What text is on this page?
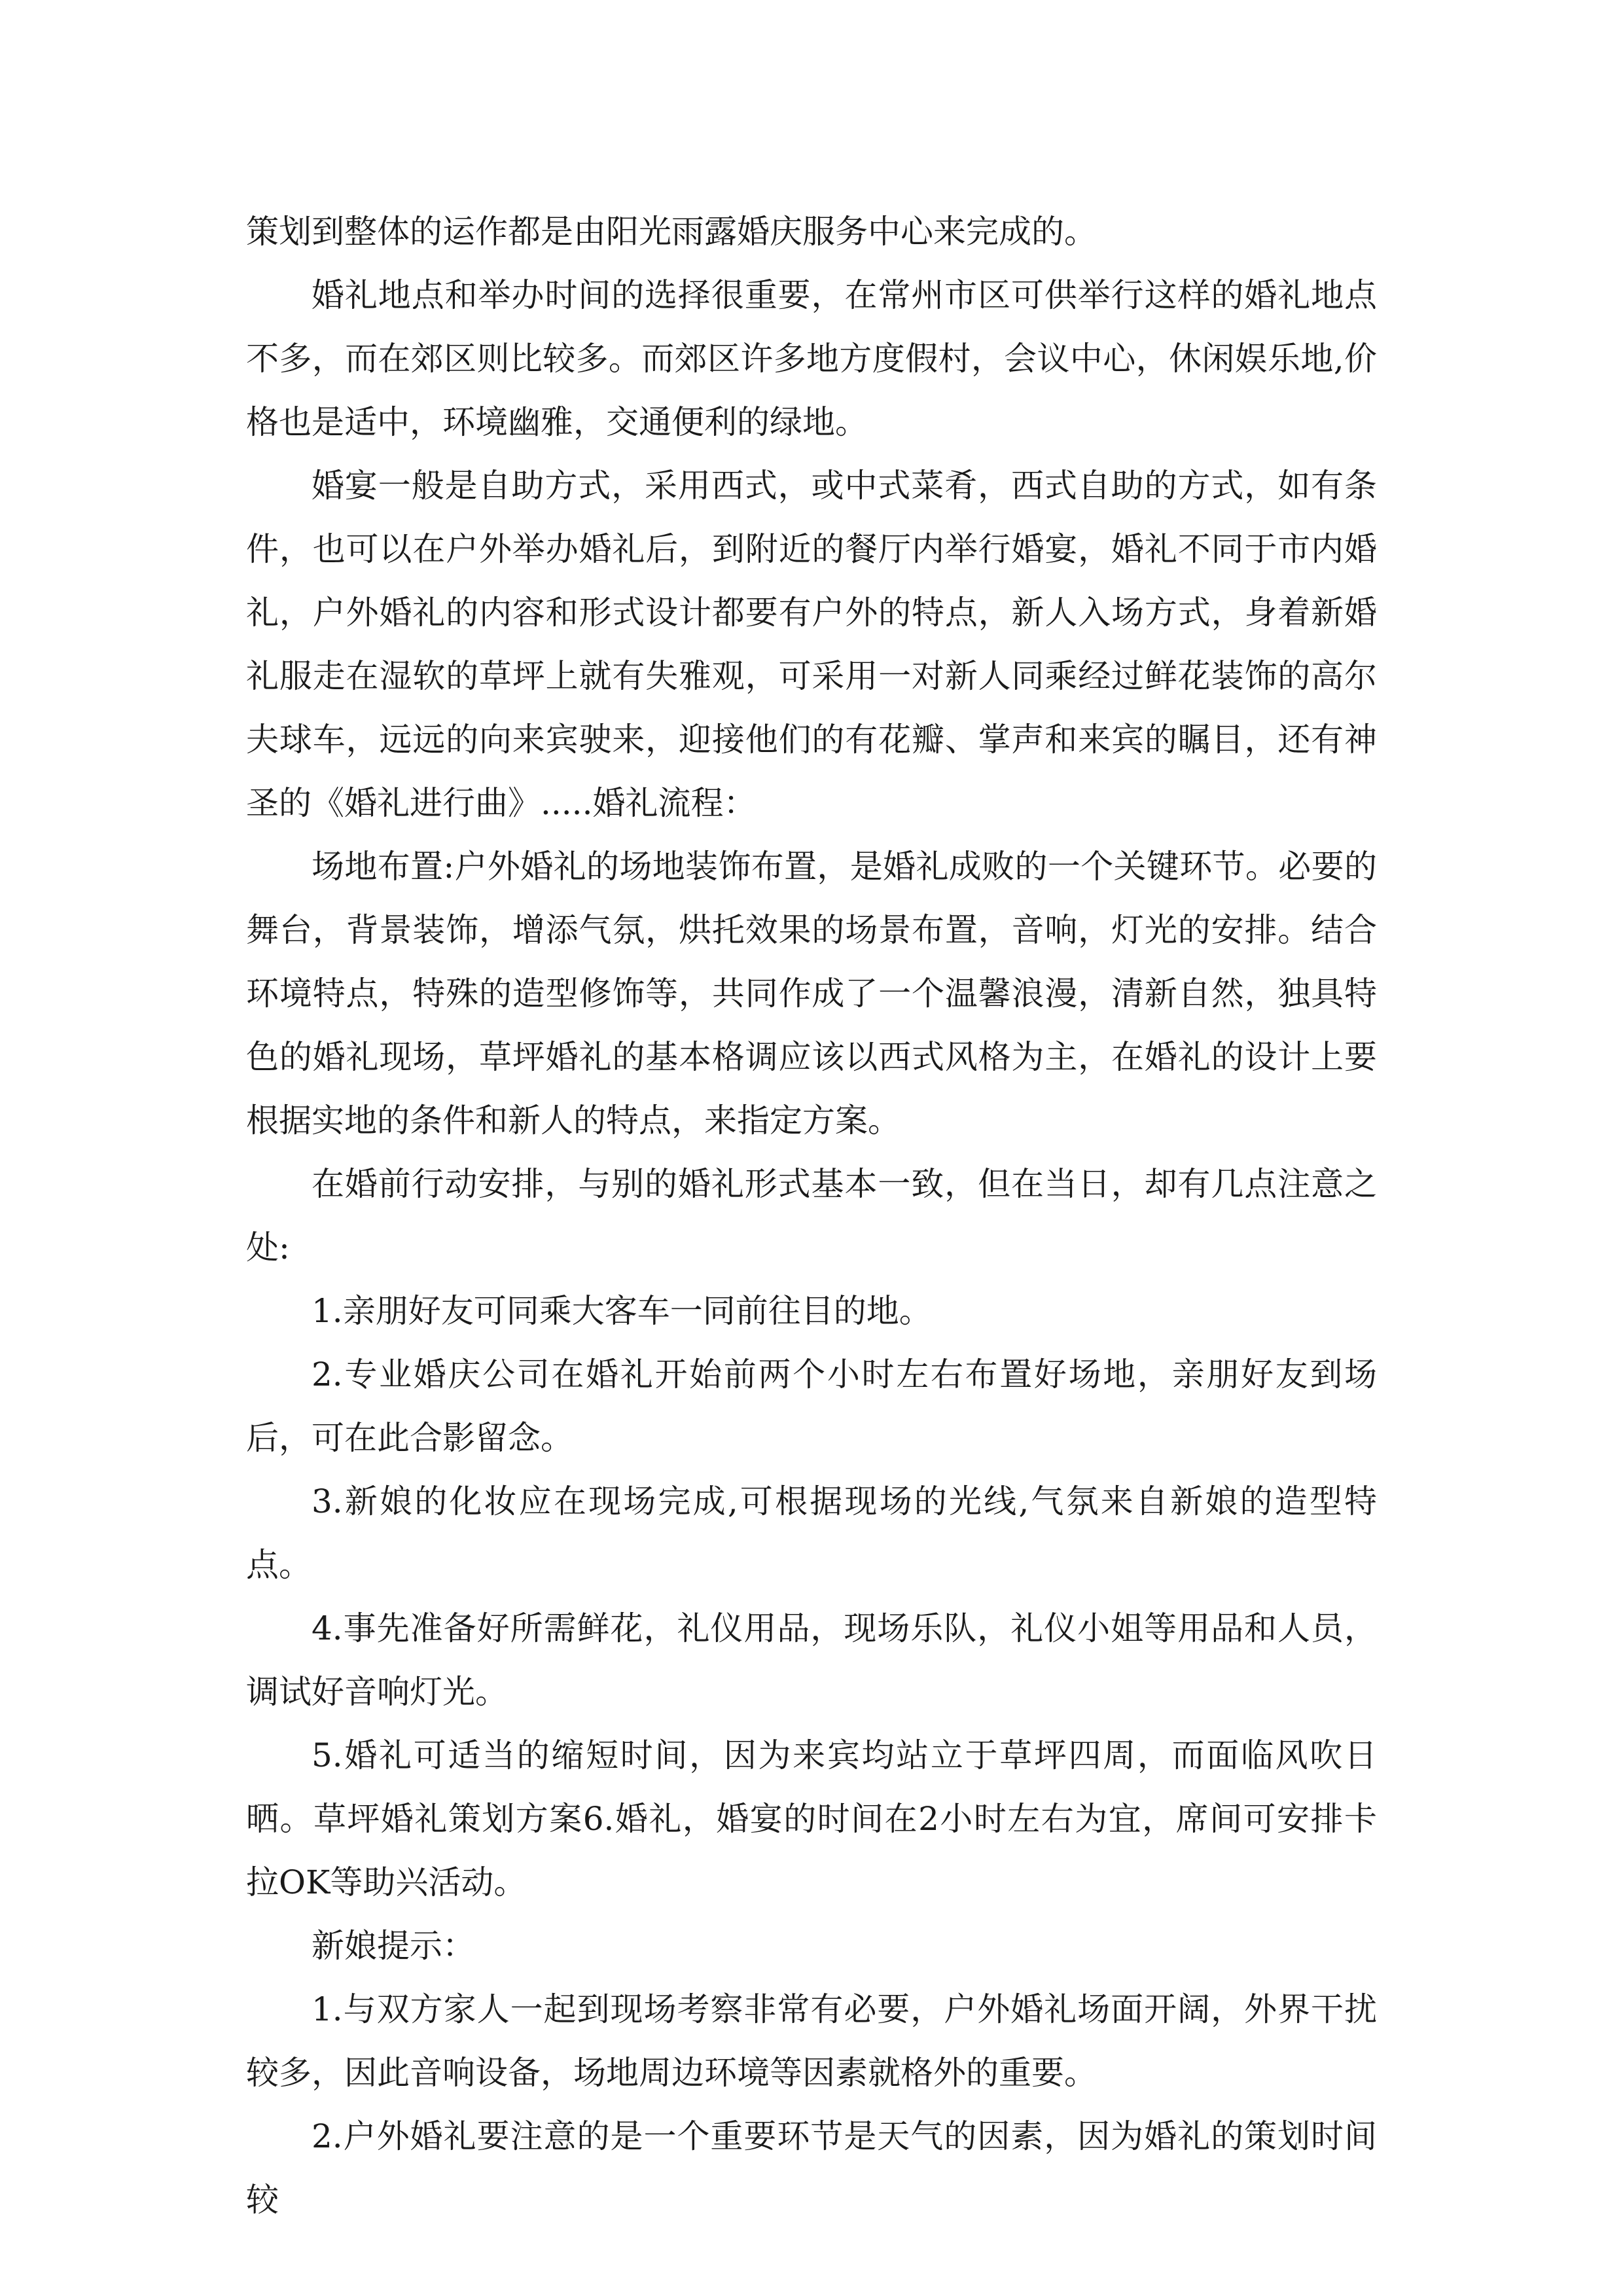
策划到整体的运作都是由阳光雨露婚庆服务中心来完成的。

婚礼地点和举办时间的选择很重要，在常州市区可供举行这样的婚礼地点不多，而在郊区则比较多。而郊区许多地方度假村，会议中心，休闲娱乐地,价格也是适中，环境幽雅，交通便利的绿地。

婚宴一般是自助方式，采用西式，或中式菜肴，西式自助的方式，如有条件，也可以在户外举办婚礼后，到附近的餐厅内举行婚宴，婚礼不同于市内婚礼，户外婚礼的内容和形式设计都要有户外的特点，新人入场方式，身着新婚礼服走在湿软的草坪上就有失雅观，可采用一对新人同乘经过鲜花装饰的高尔夫球车，远远的向来宾驶来，迎接他们的有花瓣、掌声和来宾的瞩目，还有神圣的《婚礼进行曲》.....婚礼流程：

场地布置:户外婚礼的场地装饰布置，是婚礼成败的一个关键环节。必要的舞台，背景装饰，增添气氛，烘托效果的场景布置，音响，灯光的安排。结合环境特点，特殊的造型修饰等，共同作成了一个温馨浪漫，清新自然，独具特色的婚礼现场，草坪婚礼的基本格调应该以西式风格为主，在婚礼的设计上要根据实地的条件和新人的特点，来指定方案。

在婚前行动安排，与别的婚礼形式基本一致，但在当日，却有几点注意之处:

1.亲朋好友可同乘大客车一同前往目的地。

2.专业婚庆公司在婚礼开始前两个小时左右布置好场地，亲朋好友到场后，可在此合影留念。

3.新娘的化妆应在现场完成,可根据现场的光线,气氛来自新娘的造型特点。

4.事先准备好所需鲜花，礼仪用品，现场乐队，礼仪小姐等用品和人员，调试好音响灯光。

5.婚礼可适当的缩短时间，因为来宾均站立于草坪四周，而面临风吹日晒。草坪婚礼策划方案6.婚礼，婚宴的时间在2小时左右为宜，席间可安排卡拉OK等助兴活动。

新娘提示：

1.与双方家人一起到现场考察非常有必要，户外婚礼场面开阔，外界干扰较多，因此音响设备，场地周边环境等因素就格外的重要。

2.户外婚礼要注意的是一个重要环节是天气的因素，因为婚礼的策划时间较
